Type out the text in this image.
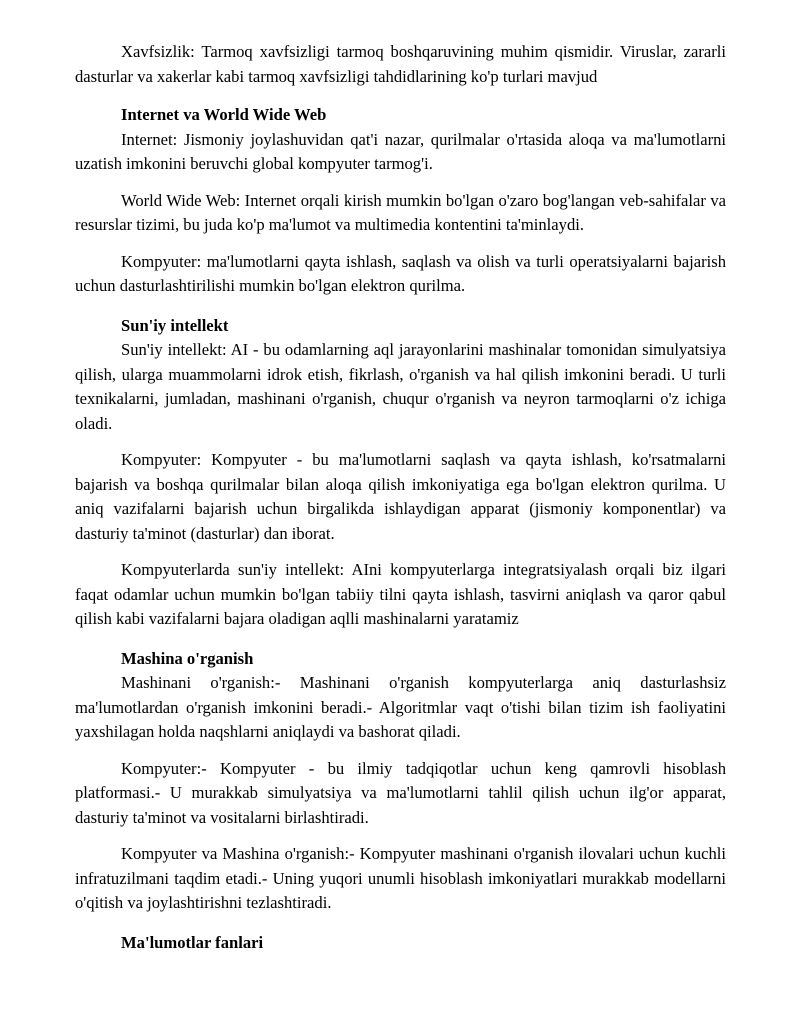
Xavfsizlik: Tarmoq xavfsizligi tarmoq boshqaruvining muhim qismidir. Viruslar, zararli dasturlar va xakerlar kabi tarmoq xavfsizligi tahdidlarining ko'p turlari mavjud

Internet va World Wide Web

Internet: Jismoniy joylashuvidan qat'i nazar, qurilmalar o'rtasida aloqa va ma'lumotlarni uzatish imkonini beruvchi global kompyuter tarmog'i.

World Wide Web: Internet orqali kirish mumkin bo'lgan o'zaro bog'langan veb-sahifalar va resurslar tizimi, bu juda ko'p ma'lumot va multimedia kontentini ta'minlaydi.

Kompyuter: ma'lumotlarni qayta ishlash, saqlash va olish va turli operatsiyalarni bajarish uchun dasturlashtirilishi mumkin bo'lgan elektron qurilma.

Sun'iy intellekt

Sun'iy intellekt: AI - bu odamlarning aql jarayonlarini mashinalar tomonidan simulyatsiya qilish, ularga muammolarni idrok etish, fikrlash, o'rganish va hal qilish imkonini beradi. U turli texnikalarni, jumladan, mashinani o'rganish, chuqur o'rganish va neyron tarmoqlarni o'z ichiga oladi.

Kompyuter: Kompyuter - bu ma'lumotlarni saqlash va qayta ishlash, ko'rsatmalarni bajarish va boshqa qurilmalar bilan aloqa qilish imkoniyatiga ega bo'lgan elektron qurilma. U aniq vazifalarni bajarish uchun birgalikda ishlaydigan apparat (jismoniy komponentlar) va dasturiy ta'minot (dasturlar) dan iborat.

Kompyuterlarda sun'iy intellekt: AIni kompyuterlarga integratsiyalash orqali biz ilgari faqat odamlar uchun mumkin bo'lgan tabiiy tilni qayta ishlash, tasvirni aniqlash va qaror qabul qilish kabi vazifalarni bajara oladigan aqlli mashinalarni yaratamiz

Mashina o'rganish

Mashinani o'rganish:- Mashinani o'rganish kompyuterlarga aniq dasturlashsiz ma'lumotlardan o'rganish imkonini beradi.- Algoritmlar vaqt o'tishi bilan tizim ish faoliyatini yaxshilagan holda naqshlarni aniqlaydi va bashorat qiladi.

Kompyuter:- Kompyuter - bu ilmiy tadqiqotlar uchun keng qamrovli hisoblash platformasi.- U murakkab simulyatsiya va ma'lumotlarni tahlil qilish uchun ilg'or apparat, dasturiy ta'minot va vositalarni birlashtiradi.

Kompyuter va Mashina o'rganish:- Kompyuter mashinani o'rganish ilovalari uchun kuchli infratuzilmani taqdim etadi.- Uning yuqori unumli hisoblash imkoniyatlari murakkab modellarni o'qitish va joylashtirishni tezlashtiradi.

Ma'lumotlar fanlari
